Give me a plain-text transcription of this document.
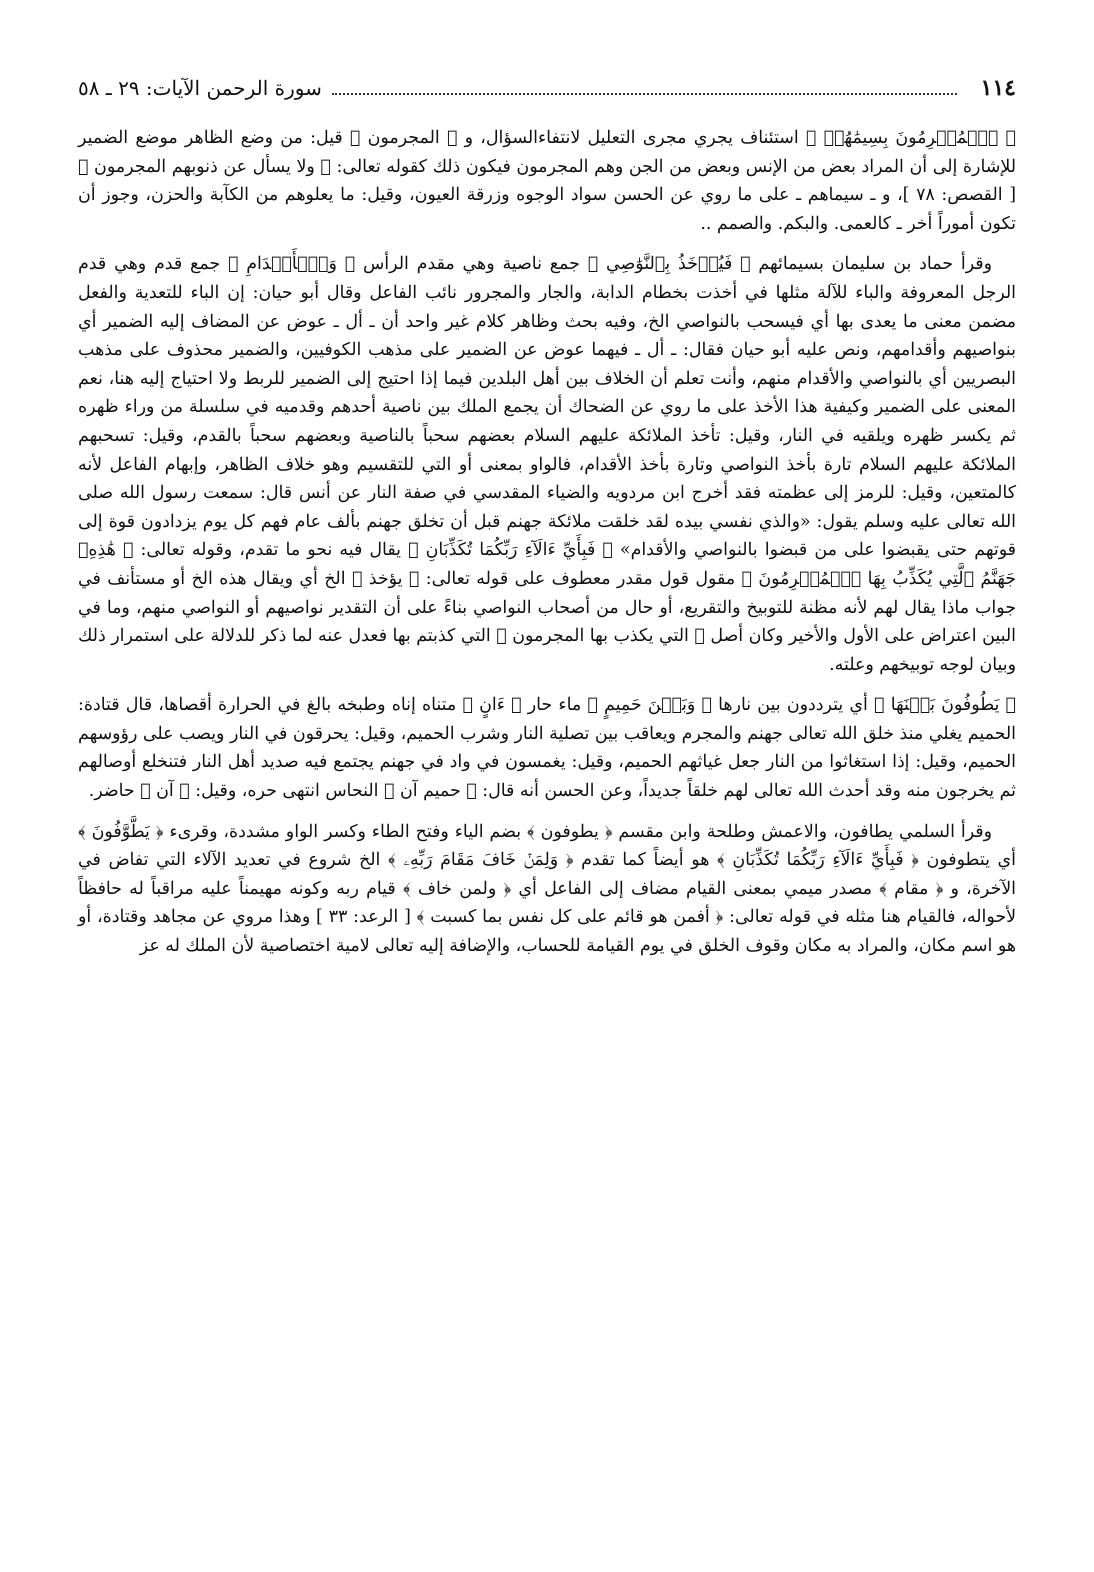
١١٤
سورة الرحمن الآيات: ٢٩ ـ ٥٨

﴿ ٱلۡمُجۡرِمُونَ بِسِيمَٰهُمۡ ﴾ استئناف يجري مجرى التعليل لانتفاءالسؤال، و ﴿ المجرمون ﴾ قيل: من وضع الظاهر موضع الضمير للإشارة إلى أن المراد بعض من الإنس وبعض من الجن وهم المجرمون فيكون ذلك كقوله تعالى: ﴿ ولا يسأل عن ذنوبهم المجرمون ﴾ [ القصص: ٧٨ ]، و ـ سيماهم ـ على ما روي عن الحسن سواد الوجوه وزرقة العيون، وقيل: ما يعلوهم من الكآبة والحزن، وجوز أن تكون أموراً أخر ـ كالعمى. والبكم. والصمم ..

وقرأ حماد بن سليمان بسيمائهم ﴿ فَيُؤۡخَذُ بِٱلنَّوَٰصِي ﴾ جمع ناصية وهي مقدم الرأس ﴿ وَٱلۡأَقۡدَامِ ﴾ جمع قدم وهي قدم الرجل المعروفة والباء للآلة مثلها في أخذت بخطام الدابة، والجار والمجرور نائب الفاعل وقال أبو حيان: إن الباء للتعدية والفعل مضمن معنى ما يعدى بها أي فيسحب بالنواصي الخ، وفيه بحث وظاهر كلام غير واحد أن ـ أل ـ عوض عن المضاف إليه الضمير أي بنواصيهم وأقدامهم، ونص عليه أبو حيان فقال: ـ أل ـ فيهما عوض عن الضمير على مذهب الكوفيين، والضمير محذوف على مذهب البصريين أي بالنواصي والأقدام منهم، وأنت تعلم أن الخلاف بين أهل البلدين فيما إذا احتيج إلى الضمير للربط ولا احتياج إليه هنا، نعم المعنى على الضمير وكيفية هذا الأخذ على ما روي عن الضحاك أن يجمع الملك بين ناصية أحدهم وقدميه في سلسلة من وراء ظهره ثم يكسر ظهره ويلقيه في النار، وقيل: تأخذ الملائكة عليهم السلام بعضهم سحباً بالناصية وبعضهم سحباً بالقدم، وقيل: تسحبهم الملائكة عليهم السلام تارة بأخذ النواصي وتارة بأخذ الأقدام، فالواو بمعنى أو التي للتقسيم وهو خلاف الظاهر، وإبهام الفاعل لأنه كالمتعين، وقيل: للرمز إلى عظمته فقد أخرج ابن مردويه والضياء المقدسي في صفة النار عن أنس قال: سمعت رسول الله صلى الله تعالى عليه وسلم يقول: «والذي نفسي بيده لقد خلقت ملائكة جهنم قبل أن تخلق جهنم بألف عام فهم كل يوم يزدادون قوة إلى قوتهم حتى يقبضوا على من قبضوا بالنواصي والأقدام» ﴿ فَبِأَيِّ ءَالَآءِ رَبِّكُمَا تُكَذِّبَانِ ﴾ يقال فيه نحو ما تقدم، وقوله تعالى: ﴿ هَٰذِهِۦ جَهَنَّمُ ٱلَّتِي يُكَذِّبُ بِهَا ٱلۡمُجۡرِمُونَ ﴾ مقول قول مقدر معطوف على قوله تعالى: ﴿ يؤخذ ﴾ الخ أي ويقال هذه الخ أو مستأنف في جواب ماذا يقال لهم لأنه مظنة للتوبيخ والتقريع، أو حال من أصحاب النواصي بناءً على أن التقدير نواصيهم أو النواصي منهم، وما في البين اعتراض على الأول والأخير وكان أصل ﴿ التي يكذب بها المجرمون ﴾ التي كذبتم بها فعدل عنه لما ذكر للدلالة على استمرار ذلك وبيان لوجه توبيخهم وعلته.

﴿ يَطُوفُونَ بَيۡنَهَا ﴾ أي يترددون بين نارها ﴿ وَبَيۡنَ حَمِيمٍ ﴾ ماء حار ﴿ ءَانٍ ﴾ متناه إناه وطبخه بالغ في الحرارة أقصاها، قال قتادة: الحميم يغلي منذ خلق الله تعالى جهنم والمجرم ويعاقب بين تصلية النار وشرب الحميم، وقيل: يحرقون في النار ويصب على رؤوسهم الحميم، وقيل: إذا استغاثوا من النار جعل غياثهم الحميم، وقيل: يغمسون في واد في جهنم يجتمع فيه صديد أهل النار فتنخلع أوصالهم ثم يخرجون منه وقد أحدث الله تعالى لهم خلقاً جديداً، وعن الحسن أنه قال: ﴿ حميم آن ﴾ النحاس انتهى حره، وقيل: ﴿ آن ﴾ حاضر.

وقرأ السلمي يطافون، والاعمش وطلحة وابن مقسم ﴿ يطوفون ﴾ بضم الياء وفتح الطاء وكسر الواو مشددة، وقرىء ﴿ يَطَّوَّفُونَ ﴾ أي يتطوفون ﴿ فَبِأَيِّ ءَالَآءِ رَبِّكُمَا تُكَذِّبَانِ ﴾ هو أيضاً كما تقدم ﴿ وَلِمَنۡ خَافَ مَقَامَ رَبِّهِۦ ﴾ الخ شروع في تعديد الآلاء التي تفاض في الآخرة، و ﴿ مقام ﴾ مصدر ميمي بمعنى القيام مضاف إلى الفاعل أي ﴿ ولمن خاف ﴾ قيام ربه وكونه مهيمناً عليه مراقباً له حافظاً لأحواله، فالقيام هنا مثله في قوله تعالى: ﴿ أفمن هو قائم على كل نفس بما كسبت ﴾ [ الرعد: ٣٣ ] وهذا مروي عن مجاهد وقتادة، أو هو اسم مكان، والمراد به مكان وقوف الخلق في يوم القيامة للحساب، والإضافة إليه تعالى لامية اختصاصية لأن الملك له عز
